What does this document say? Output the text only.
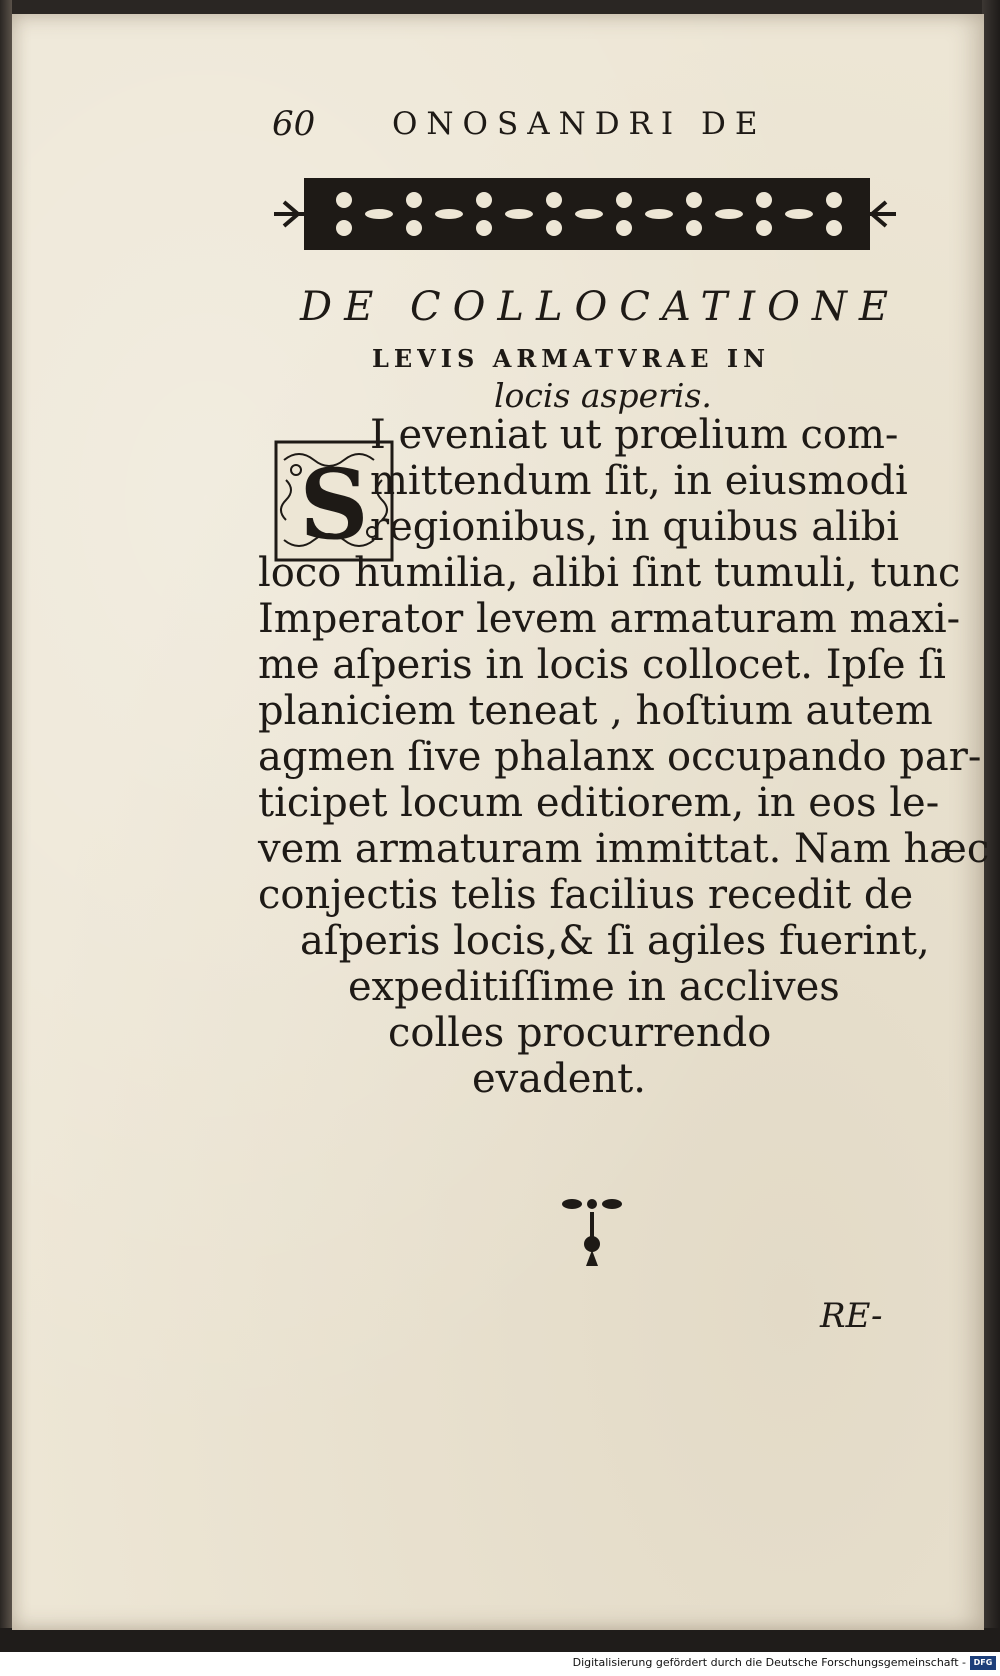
60 ONOSANDRI DE
DE COLLOCATIONE
LEVIS ARMATVRAE IN
locis asperis.
S
I eveniat ut prœlium com-
mittendum ſit, in eiusmodi
regionibus, in quibus alibi
loco humilia, alibi ſint tumuli, tunc
Imperator levem armaturam maxi-
me aſperis in locis collocet. Ipſe ſi
planiciem teneat , hoſtium autem
agmen ſive phalanx occupando par-
ticipet locum editiorem, in eos le-
vem armaturam immittat. Nam hæc
conjectis telis facilius recedit de
aſperis locis,& ſi agiles fuerint,
expeditiſſime in acclives
colles procurrendo
evadent.
RE-
Digitalisierung gefördert durch die Deutsche Forschungsgemeinschaft - DFG
